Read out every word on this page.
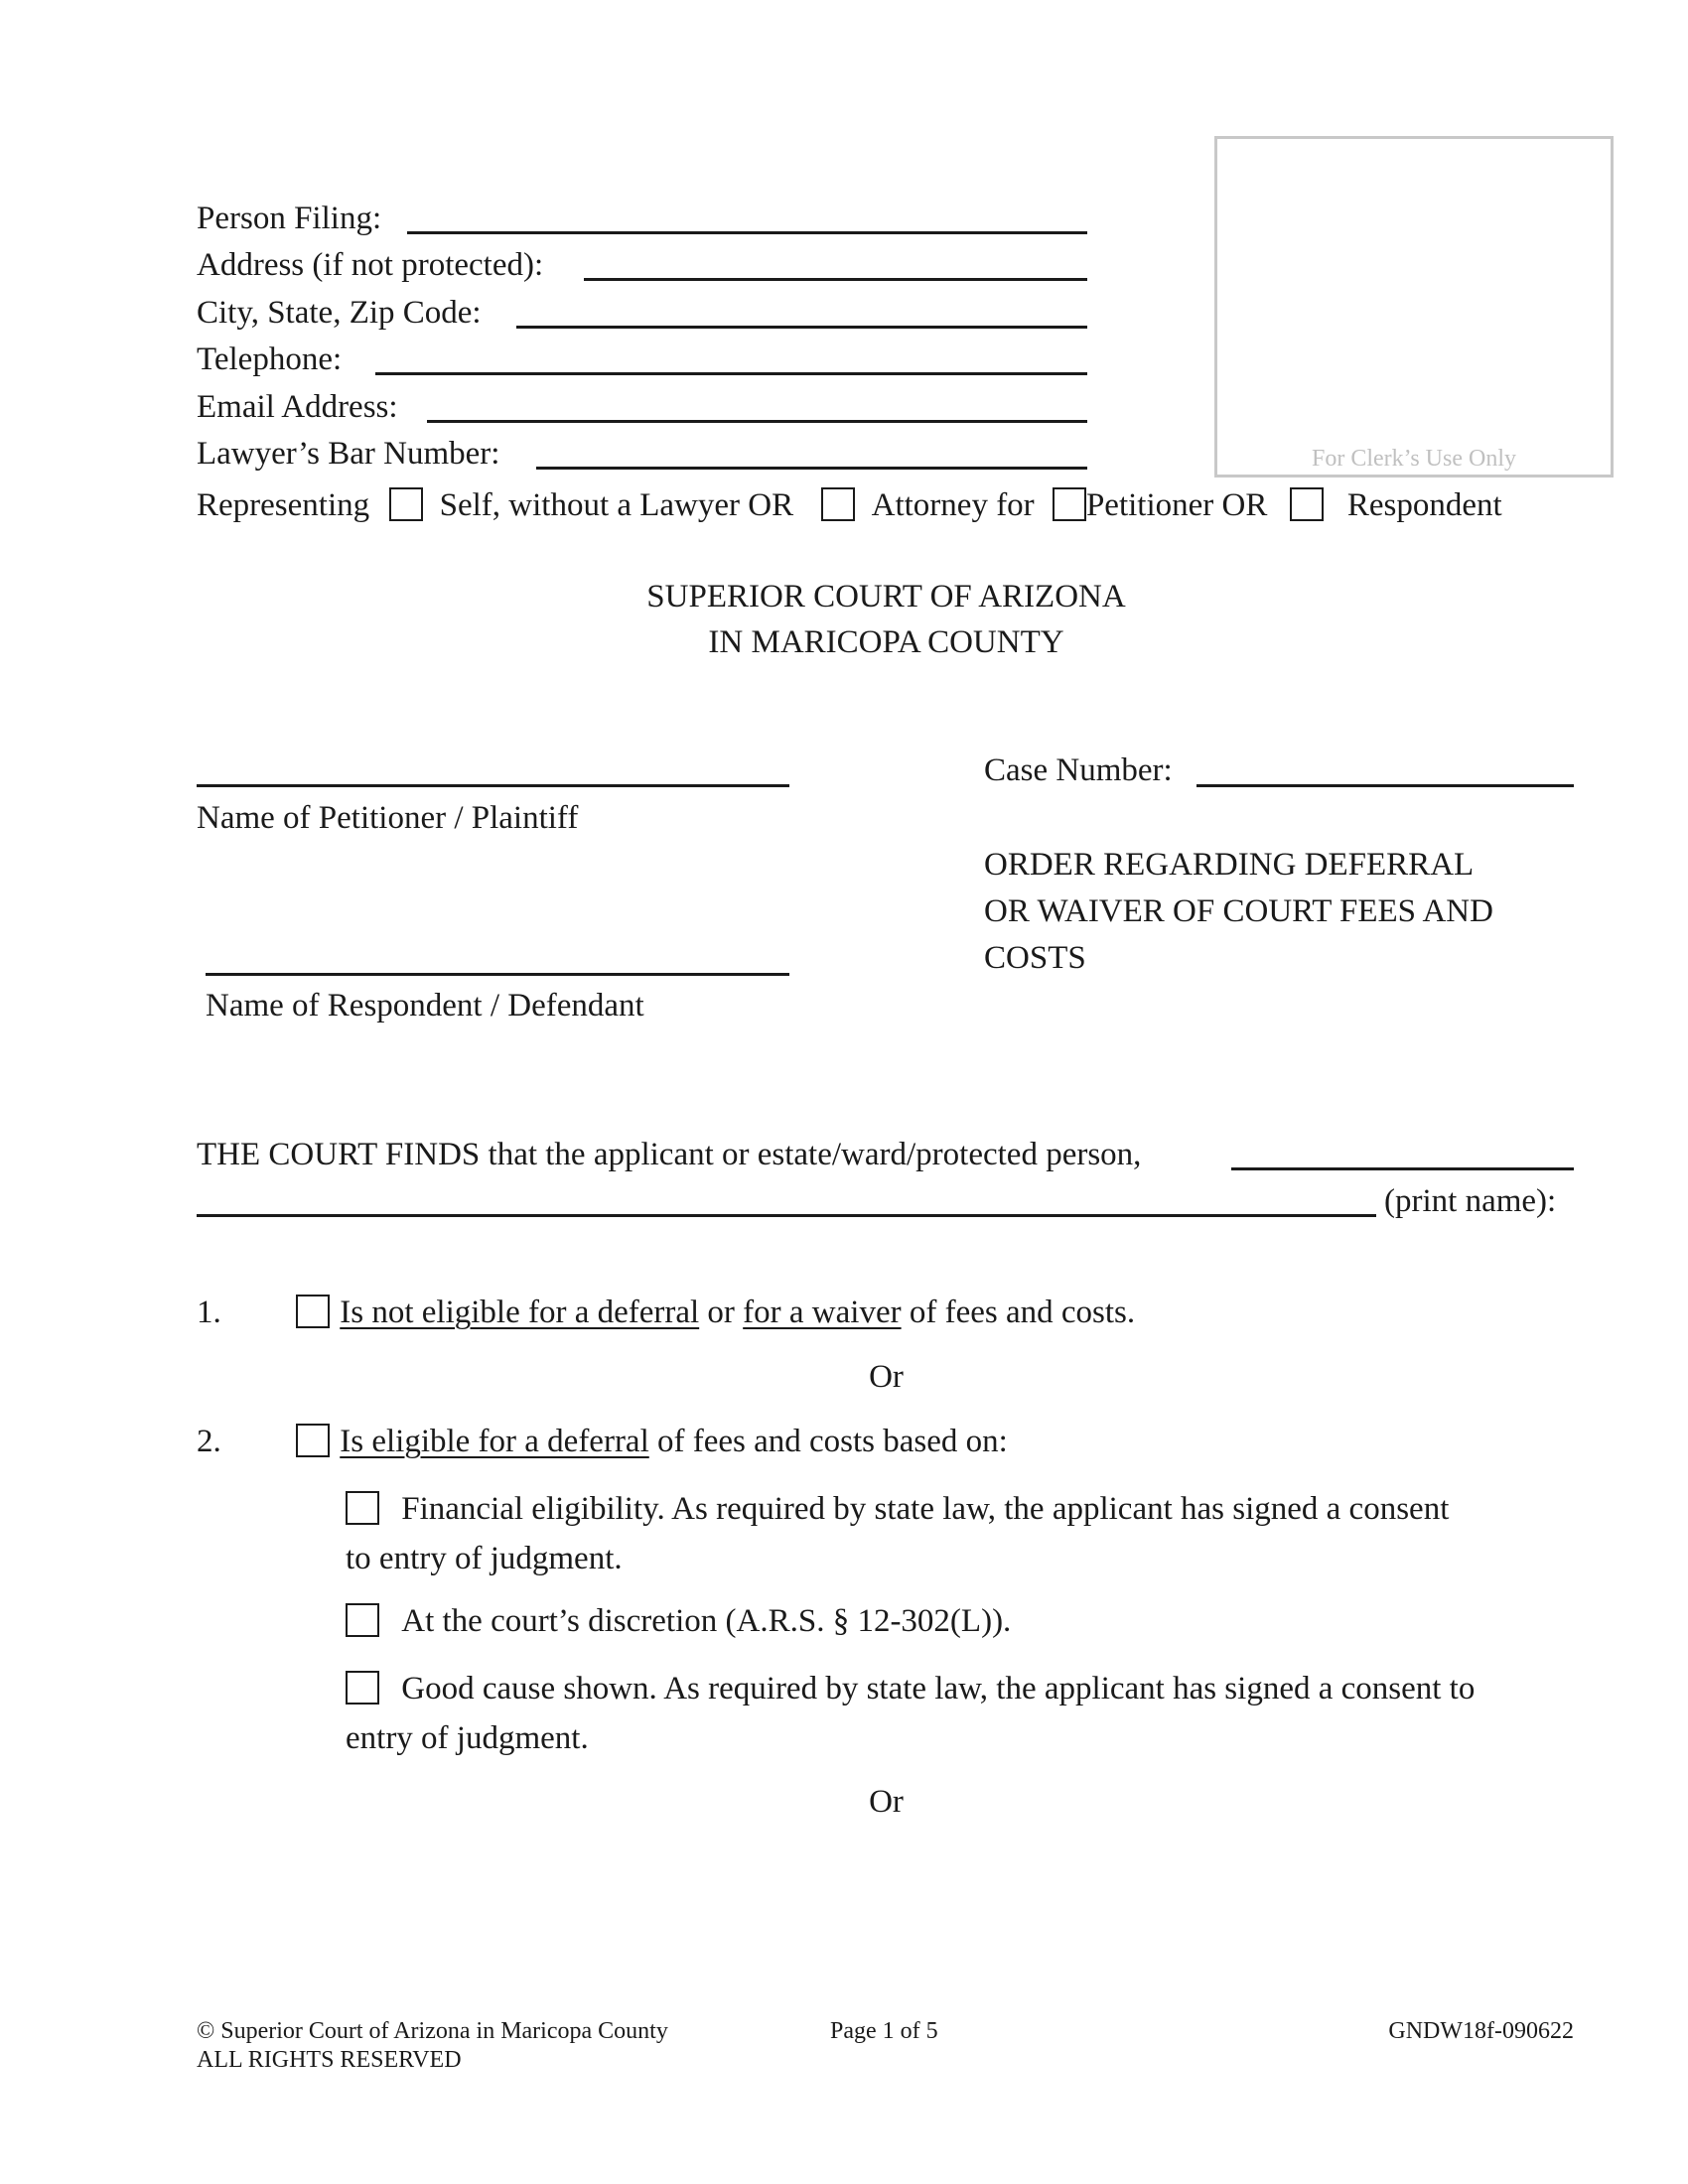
Person Filing:
Address (if not protected):
City, State, Zip Code:
Telephone:
Email Address:
Lawyer’s Bar Number:
Representing Self, without a Lawyer OR Attorney for Petitioner OR Respondent
For Clerk’s Use Only
SUPERIOR COURT OF ARIZONA
IN MARICOPA COUNTY
Name of Petitioner / Plaintiff
Name of Respondent / Defendant
Case Number:
ORDER REGARDING DEFERRAL
OR WAIVER OF COURT FEES AND
COSTS
THE COURT FINDS that the applicant or estate/ward/protected person,
(print name):
1.	Is not eligible for a deferral or for a waiver of fees and costs.
Or
2.	Is eligible for a deferral of fees and costs based on:
Financial eligibility. As required by state law, the applicant has signed a consent
to entry of judgment.
At the court’s discretion (A.R.S. § 12-302(L)).
Good cause shown. As required by state law, the applicant has signed a consent to
entry of judgment.
Or
© Superior Court of Arizona in Maricopa County
ALL RIGHTS RESERVED
Page 1 of 5	GNDW18f-090622
